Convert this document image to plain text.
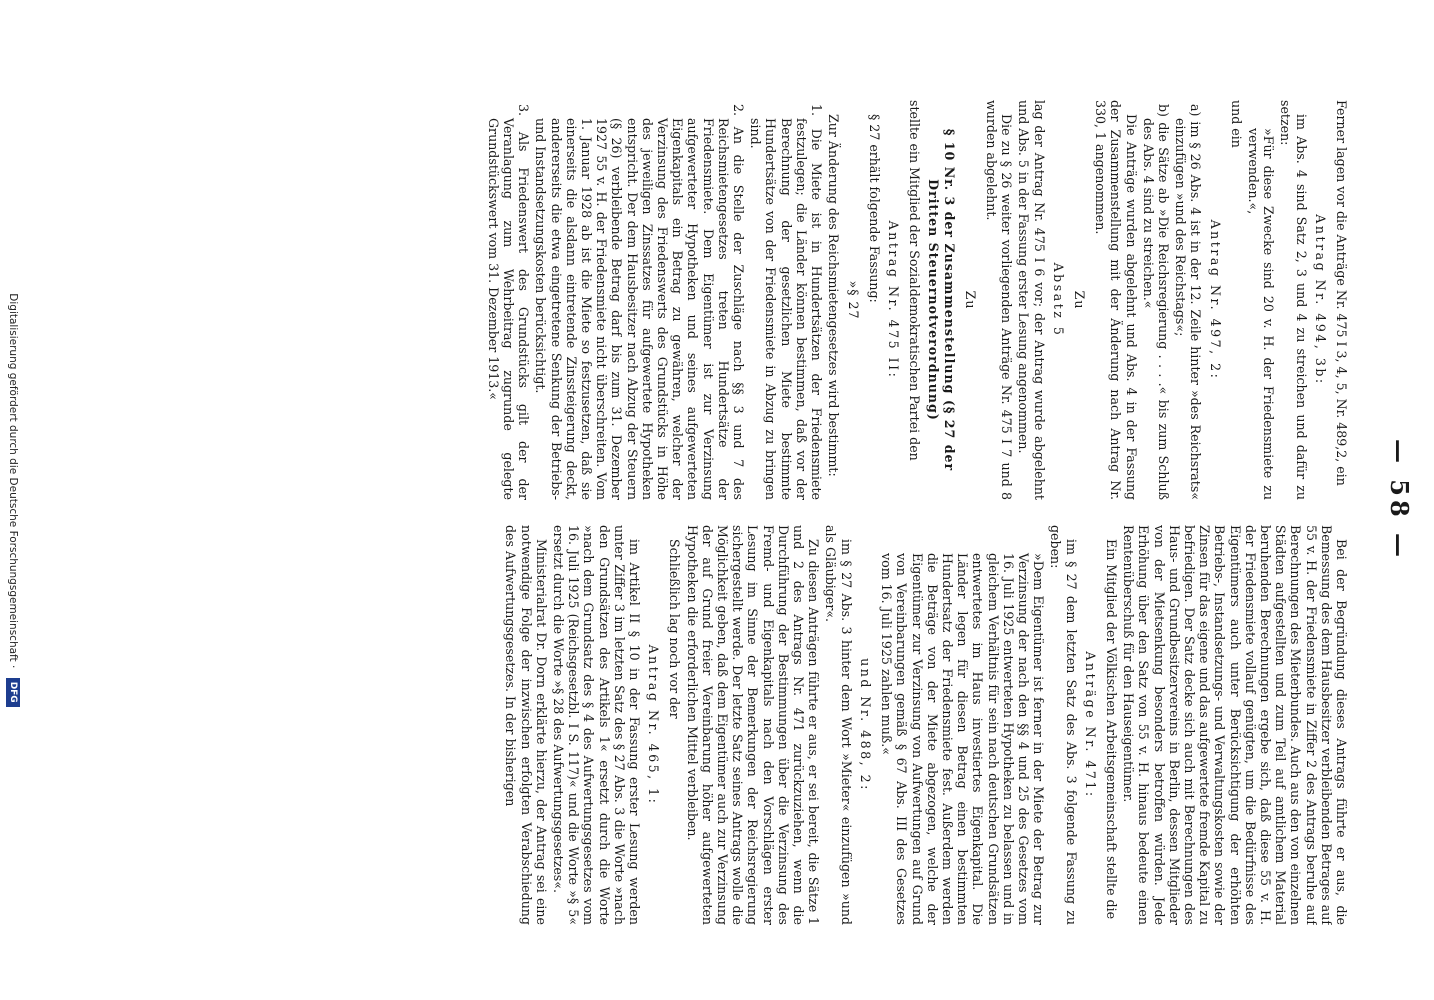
— 58 —

Ferner lagen vor die Anträge Nr. 475 I 3, 4, 5, Nr. 489,2, ein

Antrag Nr. 494, 3b:

im Abs. 4 sind Satz 2, 3 und 4 zu streichen und dafür zu setzen:

»Für diese Zwecke sind 20 v. H. der Friedensmiete zu verwenden.«,

und ein

Antrag Nr. 497, 2:

a) im § 26 Abs. 4 ist in der 12. Zeile hinter »des Reichsrats« einzufügen »und des Reichstags«;

b) die Sätze ab »Die Reichsregierung . . . .« bis zum Schluß des Abs. 4 sind zu streichen.«

Die Anträge wurden abgelehnt und Abs. 4 in der Fassung der Zusammenstellung mit der Änderung nach Antrag Nr. 330, 1 angenommen.

Zu

Absatz 5

lag der Antrag Nr. 475 I 6 vor; der Antrag wurde abgelehnt und Abs. 5 in der Fassung erster Lesung angenommen.

Die zu § 26 weiter vorliegenden Anträge Nr. 475 I 7 und 8 wurden abgelehnt.

Zu

§ 10 Nr. 3 der Zusammenstellung (§ 27 der Dritten Steuernotverordnung)

stellte ein Mitglied der Sozialdemokratischen Partei den

Antrag Nr. 475 II:

§ 27 erhält folgende Fassung:

»§ 27

Zur Änderung des Reichsmietengesetzes wird bestimmt:

1. Die Miete ist in Hundertsätzen der Friedensmiete festzulegen; die Länder können bestimmen, daß vor der Berechnung der gesetzlichen Miete bestimmte Hundertsätze von der Friedensmiete in Abzug zu bringen sind.

2. An die Stelle der Zuschläge nach §§ 3 und 7 des Reichsmietengesetzes treten Hundertsätze der Friedensmiete. Dem Eigentümer ist zur Verzinsung aufgewerteter Hypotheken und seines aufgewerteten Eigenkapitals ein Betrag zu gewähren, welcher der Verzinsung des Friedenswerts des Grundstücks in Höhe des jeweiligen Zinssatzes für aufgewertete Hypotheken entspricht. Der dem Hausbesitzer nach Abzug der Steuern (§ 26) verbleibende Betrag darf bis zum 31. Dezember 1927 55 v. H. der Friedensmiete nicht überschreiten. Vom 1. Januar 1928 ab ist die Miete so festzusetzen, daß sie einerseits die alsdann eintretende Zinssteigerung deckt, andererseits die etwa eingetretene Senkung der Betriebs- und Instandsetzungskosten berücksichtigt.

3. Als Friedenswert des Grundstücks gilt der der Veranlagung zum Wehrbeitrag zugrunde gelegte Grundstückswert vom 31. Dezember 1913.«

Bei der Begründung dieses Antrags führte er aus, die Bemessung des dem Hausbesitzer verbleibenden Betrages auf 55 v. H. der Friedensmiete in Ziffer 2 des Antrags beruhe auf Berechnungen des Mieterbundes. Auch aus den von einzelnen Städten aufgestellten und zum Teil auf amtlichem Material beruhenden Berechnungen ergebe sich, daß diese 55 v. H. der Friedensmiete vollauf genügten, um die Bedürfnisse des Eigentümers auch unter Berücksichtigung der erhöhten Betriebs-, Instandsetzungs- und Verwaltungskosten sowie der Zinsen für das eigene und das aufgewertete fremde Kapital zu befriedigen. Der Satz decke sich auch mit Berechnungen des Haus- und Grundbesitzervereins in Berlin, dessen Mitglieder von der Mietsenkung besonders betroffen würden. Jede Erhöhung über den Satz von 55 v. H. hinaus bedeute einen Rentenüberschuß für den Hauseigentümer.

Ein Mitglied der Völkischen Arbeitsgemeinschaft stellte die

Anträge Nr. 471:

im § 27 dem letzten Satz des Abs. 3 folgende Fassung zu geben:

»Dem Eigentümer ist ferner in der Miete der Betrag zur Verzinsung der nach den §§ 4 und 25 des Gesetzes vom 16. Juli 1925 entwerteten Hypotheken zu belassen und in gleichem Verhältnis für sein nach deutschen Grundsätzen entwertetes im Haus investiertes Eigenkapital. Die Länder legen für diesen Betrag einen bestimmten Hundertsatz der Friedensmiete fest. Außerdem werden die Beträge von der Miete abgezogen, welche der Eigentümer zur Verzinsung von Aufwertungen auf Grund von Vereinbarungen gemäß § 67 Abs. III des Gesetzes vom 16. Juli 1925 zahlen muß.«

und Nr. 488, 2:

im § 27 Abs. 3 hinter dem Wort »Mieter« einzufügen »und als Gläubiger«.

Zu diesen Anträgen führte er aus, er sei bereit, die Sätze 1 und 2 des Antrags Nr. 471 zurückzuziehen, wenn die Durchführung der Bestimmungen über die Verzinsung des Fremd- und Eigenkapitals nach den Vorschlägen erster Lesung im Sinne der Bemerkungen der Reichsregierung sichergestellt werde. Der letzte Satz seines Antrags wolle die Möglichkeit geben, daß dem Eigentümer auch zur Verzinsung der auf Grund freier Vereinbarung höher aufgewerteten Hypotheken die erforderlichen Mittel verbleiben.

Schließlich lag noch vor der

Antrag Nr. 465, 1:

im Artikel II § 10 in der Fassung erster Lesung werden unter Ziffer 3 im letzten Satz des § 27 Abs. 3 die Worte »nach den Grundsätzen des Artikels 1« ersetzt durch die Worte »nach dem Grundsatz des § 4 des Aufwertungsgesetzes vom 16. Juli 1925 (Reichsgesetzbl. I S. 117)« und die Worte »§ 5« ersetzt durch die Worte »§ 28 des Aufwertungsgesetzes«.

Ministerialrat Dr. Dorn erklärte hierzu, der Antrag sei eine notwendige Folge der inzwischen erfolgten Verabschiedung des Aufwertungsgesetzes. In der bisherigen

Digitalisierung gefördert durch die Deutsche Forschungsgemeinschaft · DFG
